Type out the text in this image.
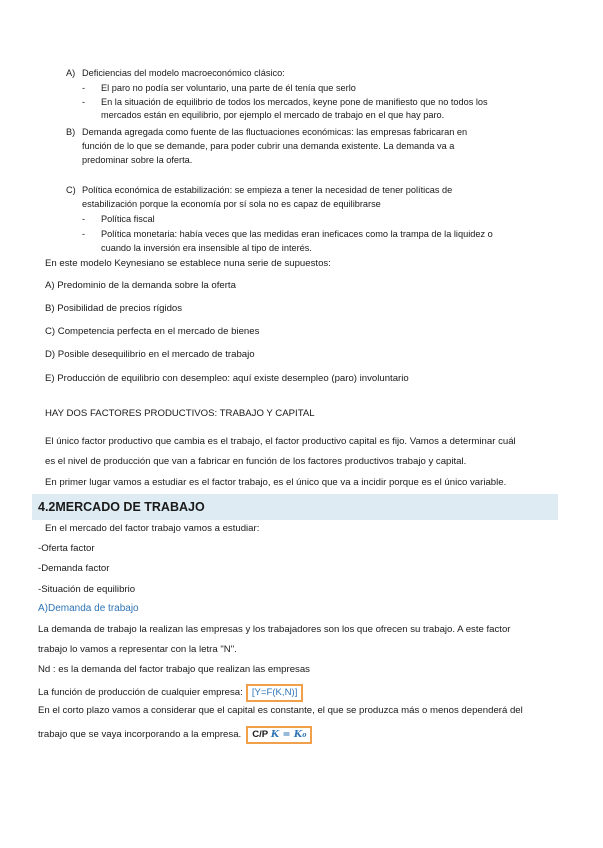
A) Deficiencias del modelo macroeconómico clásico:
- El paro no podía ser voluntario, una parte de él tenía que serlo
- En la situación de equilibrio de todos los mercados, keyne pone de manifiesto que no todos los
mercados están en equilibrio, por ejemplo el mercado de trabajo en el que hay paro.
B) Demanda agregada como fuente de las fluctuaciones económicas: las empresas fabricaran en
función de lo que se demande, para poder cubrir una demanda existente. La demanda va a
predominar sobre la oferta.
C) Política económica de estabilización: se empieza a tener la necesidad de tener políticas de
estabilización porque la economía por sí sola no es capaz de equilibrarse
- Política fiscal
- Política monetaria: había veces que las medidas eran ineficaces como la trampa de la liquidez o
cuando la inversión era insensible al tipo de interés.
En este modelo Keynesiano se establece nuna serie de supuestos:
A) Predominio de la demanda sobre la oferta
B) Posibilidad de precios rígidos
C) Competencia perfecta en el mercado de bienes
D) Posible desequilibrio en el mercado de trabajo
E) Producción de equilibrio con desempleo: aquí existe desempleo (paro) involuntario
HAY DOS FACTORES PRODUCTIVOS: TRABAJO Y CAPITAL
El único factor productivo que cambia es el trabajo, el factor productivo capital es fijo. Vamos a determinar cuál
es el nivel de producción que van a fabricar en función de los factores productivos trabajo y capital.
En primer lugar vamos a estudiar es el factor trabajo, es el único que va a incidir porque es el único variable.
4.2MERCADO DE TRABAJO
En el mercado del factor trabajo vamos a estudiar:
-Oferta factor
-Demanda factor
-Situación de equilibrio
A)Demanda de trabajo
La demanda de trabajo la realizan las empresas y los trabajadores son los que ofrecen su trabajo. A este factor
trabajo lo vamos a representar con la letra "N".
Nd : es la demanda del factor trabajo que realizan las empresas
La función de producción de cualquier empresa: [Y=F(K,N)]
En el corto plazo vamos a considerar que el capital es constante, el que se produzca más o menos dependerá del
trabajo que se vaya incorporando a la empresa. C/P K = K₀
